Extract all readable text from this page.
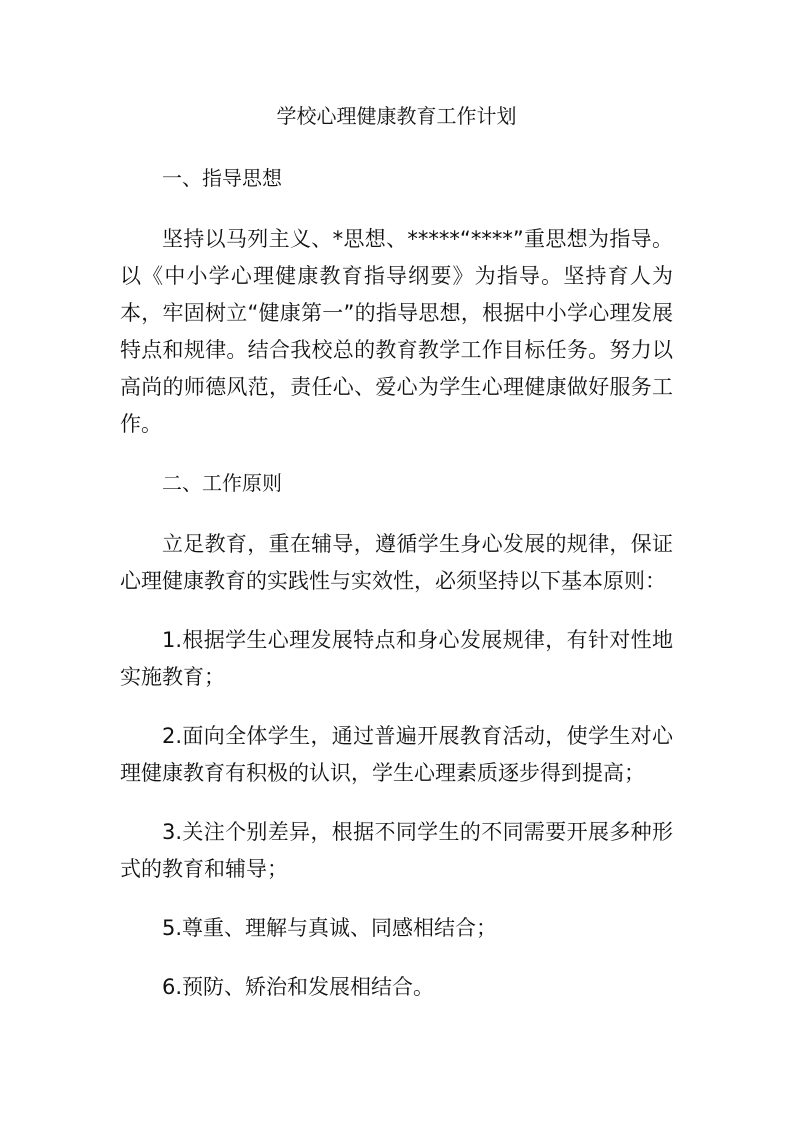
学校心理健康教育工作计划

一、指导思想

坚持以马列主义、*思想、*****“****”重思想为指导。以《中小学心理健康教育指导纲要》为指导。坚持育人为本，牢固树立“健康第一”的指导思想，根据中小学心理发展特点和规律。结合我校总的教育教学工作目标任务。努力以高尚的师德风范，责任心、爱心为学生心理健康做好服务工作。

二、工作原则

立足教育，重在辅导，遵循学生身心发展的规律，保证心理健康教育的实践性与实效性，必须坚持以下基本原则：

1.根据学生心理发展特点和身心发展规律，有针对性地实施教育；

2.面向全体学生，通过普遍开展教育活动，使学生对心理健康教育有积极的认识，学生心理素质逐步得到提高；

3.关注个别差异，根据不同学生的不同需要开展多种形式的教育和辅导；

5.尊重、理解与真诚、同感相结合；

6.预防、矫治和发展相结合。
